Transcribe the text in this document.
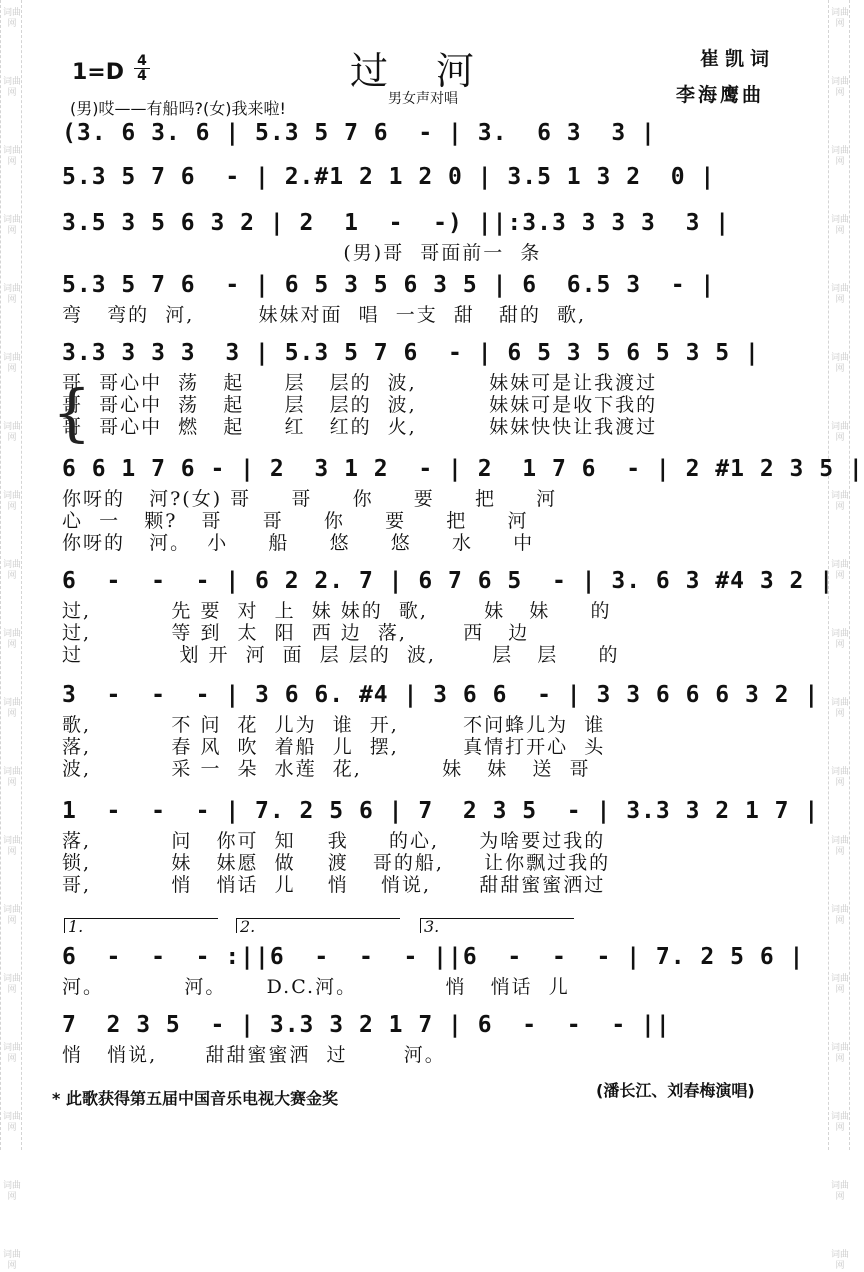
词曲网
词曲网
词曲网
词曲网
词曲网
词曲网
词曲网
词曲网
词曲网
词曲网
词曲网
词曲网
词曲网
词曲网
词曲网
词曲网
词曲网
词曲网
词曲网
词曲网
词曲网
词曲网
词曲网
词曲网
词曲网
词曲网
词曲网
词曲网
词曲网
词曲网
词曲网
词曲网
词曲网
词曲网
词曲网
词曲网
词曲网
词曲网
1=D 4
4	过河
男女声对唱
崔凯词
李海鹰曲
(男)哎——有船吗?(女)我来啦!
(3. 6 3. 6 | 5.3 5 7 6  - | 3.  6 3  3 |
5.3 5 7 6  - | 2.#1 2 1 2 0 | 3.5 1 3 2  0 |
3.5 3 5 6 3 2 | 2  1  -  -) ||:3.3 3 3 3  3 |
(男)哥  哥面前一  条
5.3 5 7 6  - | 6 5 3 5 6 3 5 | 6  6.5 3  - |
弯   弯的  河,        妹妹对面  唱  一支  甜   甜的  歌,
3.3 3 3 3  3 | 5.3 5 7 6  - | 6 5 3 5 6 5 3 5 |
哥  哥心中  荡   起     层   层的  波,         妹妹可是让我渡过
哥  哥心中  荡   起     层   层的  波,         妹妹可是收下我的
哥  哥心中  燃   起     红   红的  火,         妹妹快快让我渡过
6 6 1 7 6 - | 2  3 1 2  - | 2  1 7 6  - | 2 #1 2 3 5 |
你呀的   河?(女) 哥     哥     你     要     把     河
心  一   颗?   哥     哥     你     要     把     河
你呀的   河。  小     船     悠     悠     水     中
6  -  -  - | 6 2 2. 7 | 6 7 6 5  - | 3. 6 3 #4 3 2 |
过,          先 要  对  上  妹 妹的  歌,       妹   妹     的
过,          等 到  太  阳  西 边  落,       西   边
过            划 开  河  面  层 层的  波,       层   层     的
3  -  -  - | 3 6 6. #4 | 3 6 6  - | 3 3 6 6 6 3 2 |
歌,          不 问  花  儿为  谁  开,        不问蜂儿为  谁
落,          春 风  吹  着船  儿  摆,        真情打开心  头
波,          采 一  朵  水莲  花,          妹   妹   送  哥
1  -  -  - | 7. 2 5 6 | 7  2 3 5  - | 3.3 3 2 1 7 |
落,          问   你可  知    我     的心,     为啥要过我的
锁,          妹   妹愿  做    渡   哥的船,     让你飘过我的
哥,          悄   悄话  儿    悄    悄说,      甜甜蜜蜜洒过
6  -  -  - :||6  -  -  - ||6  -  -  - | 7. 2 5 6 |
河。          河。     D.C.河。           悄   悄话  儿
7  2 3 5  - | 3.3 3 2 1 7 | 6  -  -  - ||
悄   悄说,      甜甜蜜蜜洒  过       河。
{
1.	2.	3.
* 此歌获得第五届中国音乐电视大赛金奖	(潘长江、刘春梅演唱)
